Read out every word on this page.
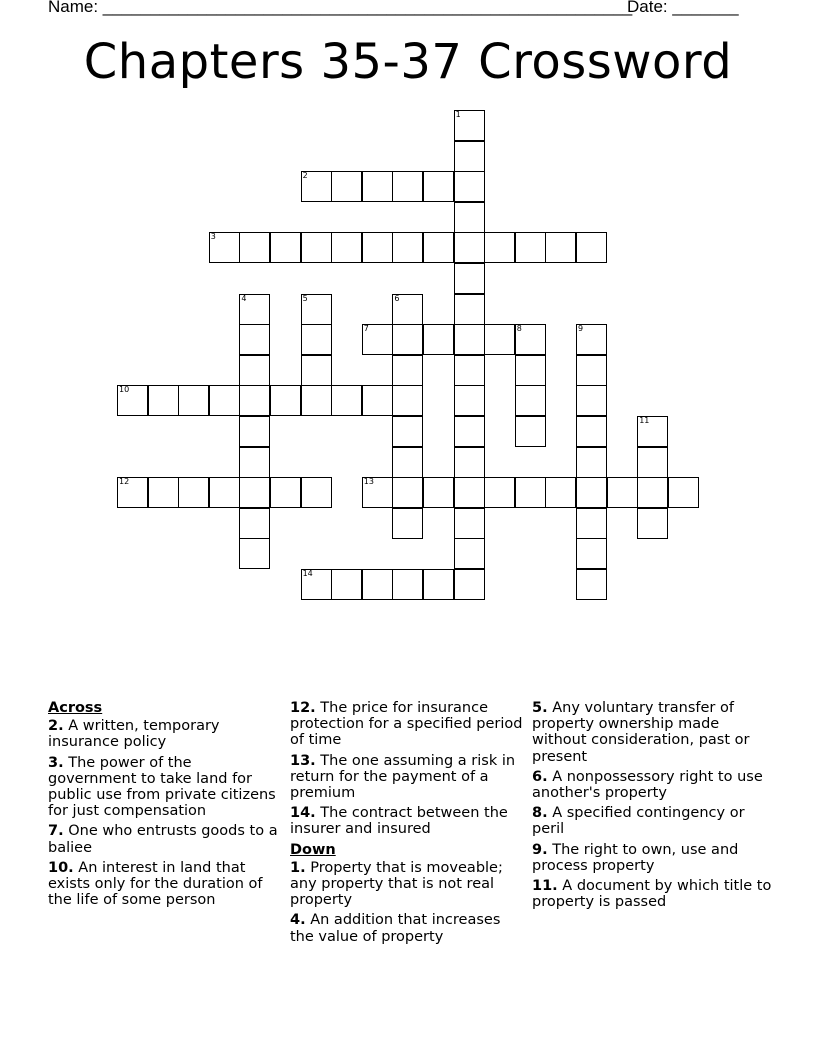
Name: ________________________________________________________
Date: _______
Chapters 35-37 Crossword
1
2
3
4	5	6
7	8	9
10
11
12	13
14
Across
2. A written, temporary insurance policy
3. The power of the government to take land for public use from private citizens for just compensation
7. One who entrusts goods to a baliee
10. An interest in land that exists only for the duration of the life of some person
12. The price for insurance protection for a specified period of time
13. The one assuming a risk in return for the payment of a premium
14. The contract between the insurer and insured
Down
1. Property that is moveable; any property that is not real property
4. An addition that increases the value of property
5. Any voluntary transfer of property ownership made without consideration, past or present
6. A nonpossessory right to use another's property
8. A specified contingency or peril
9. The right to own, use and process property
11. A document by which title to property is passed
